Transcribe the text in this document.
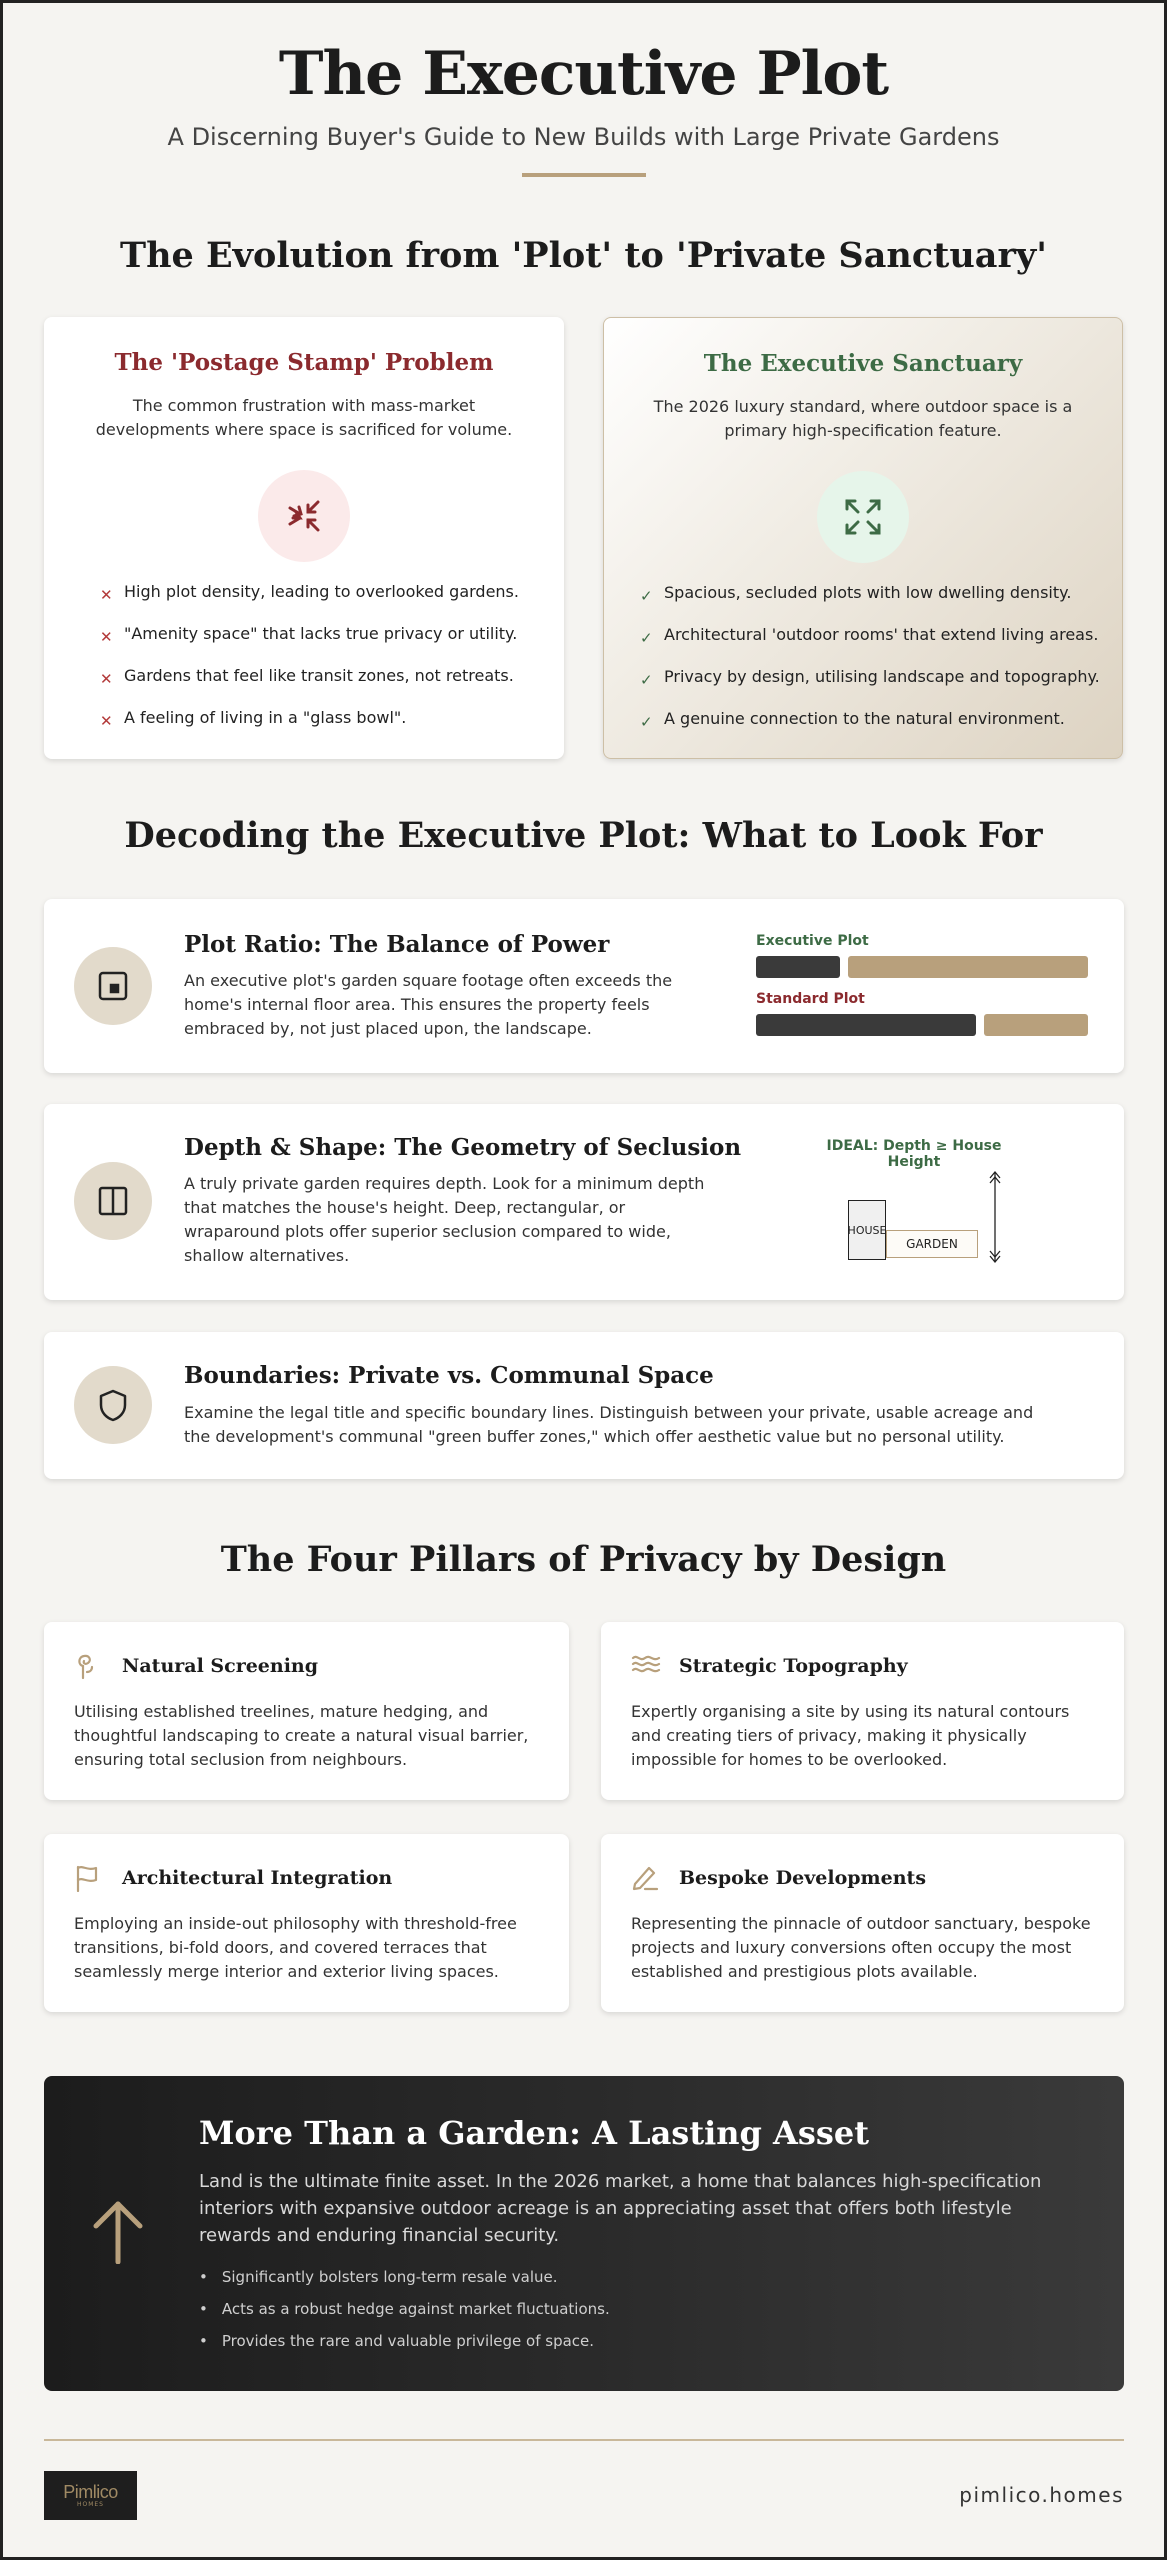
The Executive Plot
A Discerning Buyer's Guide to New Builds with Large Private Gardens
The Evolution from 'Plot' to 'Private Sanctuary'
The 'Postage Stamp' Problem
The common frustration with mass-market developments where space is sacrificed for volume.
✕ High plot density, leading to overlooked gardens.
✕ "Amenity space" that lacks true privacy or utility.
✕ Gardens that feel like transit zones, not retreats.
✕ A feeling of living in a "glass bowl".
The Executive Sanctuary
The 2026 luxury standard, where outdoor space is a primary high-specification feature.
✓ Spacious, secluded plots with low dwelling density.
✓ Architectural 'outdoor rooms' that extend living areas.
✓ Privacy by design, utilising landscape and topography.
✓ A genuine connection to the natural environment.
Decoding the Executive Plot: What to Look For
Plot Ratio: The Balance of Power

An executive plot's garden square footage often exceeds the home's internal floor area. This ensures the property feels embraced by, not just placed upon, the landscape.

Executive Plot
Standard Plot
Depth & Shape: The Geometry of Seclusion

A truly private garden requires depth. Look for a minimum depth that matches the house's height. Deep, rectangular, or wraparound plots offer superior seclusion compared to wide, shallow alternatives.

IDEAL: Depth ≥ House Height
HOUSE
GARDEN
Boundaries: Private vs. Communal Space

Examine the legal title and specific boundary lines. Distinguish between your private, usable acreage and the development's communal "green buffer zones," which offer aesthetic value but no personal utility.

The Four Pillars of Privacy by Design
Natural Screening

Utilising established treelines, mature hedging, and thoughtful landscaping to create a natural visual barrier, ensuring total seclusion from neighbours.

Strategic Topography

Expertly organising a site by using its natural contours and creating tiers of privacy, making it physically impossible for homes to be overlooked.

Architectural Integration

Employing an inside-out philosophy with threshold-free transitions, bi-fold doors, and covered terraces that seamlessly merge interior and exterior living spaces.

Bespoke Developments

Representing the pinnacle of outdoor sanctuary, bespoke projects and luxury conversions often occupy the most established and prestigious plots available.

More Than a Garden: A Lasting Asset

Land is the ultimate finite asset. In the 2026 market, a home that balances high-specification interiors with expansive outdoor acreage is an appreciating asset that offers both lifestyle rewards and enduring financial security.

• Significantly bolsters long-term resale value.
• Acts as a robust hedge against market fluctuations.
• Provides the rare and valuable privilege of space.
Pimlico
HOMES	pimlico.homes
